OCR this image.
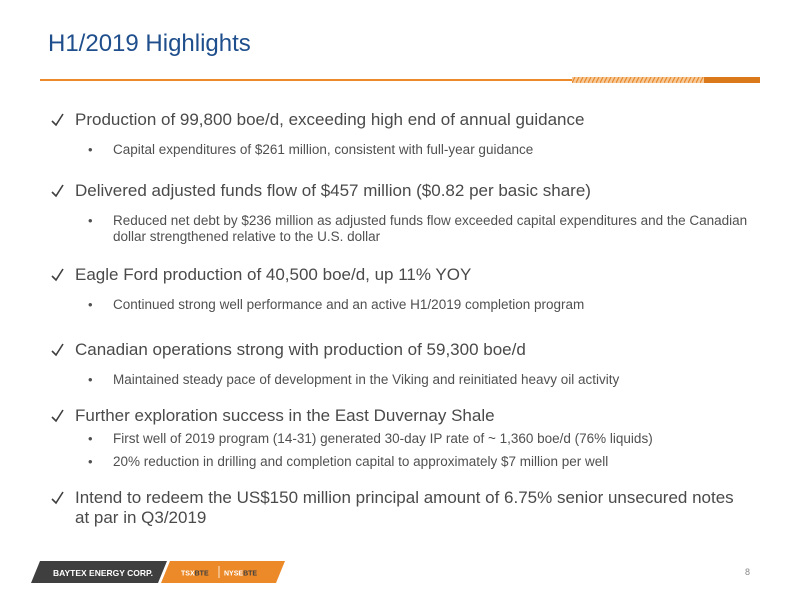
H1/2019 Highlights

Production of 99,800 boe/d, exceeding high end of annual guidance

• Capital expenditures of $261 million, consistent with full-year guidance

Delivered adjusted funds flow of $457 million ($0.82 per basic share)

• Reduced net debt by $236 million as adjusted funds flow exceeded capital expenditures and the Canadian dollar strengthened relative to the U.S. dollar

Eagle Ford production of 40,500 boe/d, up 11% YOY

• Continued strong well performance and an active H1/2019 completion program

Canadian operations strong with production of 59,300 boe/d

• Maintained steady pace of development in the Viking and reinitiated heavy oil activity

Further exploration success in the East Duvernay Shale

• First well of 2019 program (14-31) generated 30-day IP rate of ~ 1,360 boe/d (76% liquids)

• 20% reduction in drilling and completion capital to approximately $7 million per well

Intend to redeem the US$150 million principal amount of 6.75% senior unsecured notes at par in Q3/2019

BAYTEX ENERGY CORP.	TSXBTE NYSEBTE	8
